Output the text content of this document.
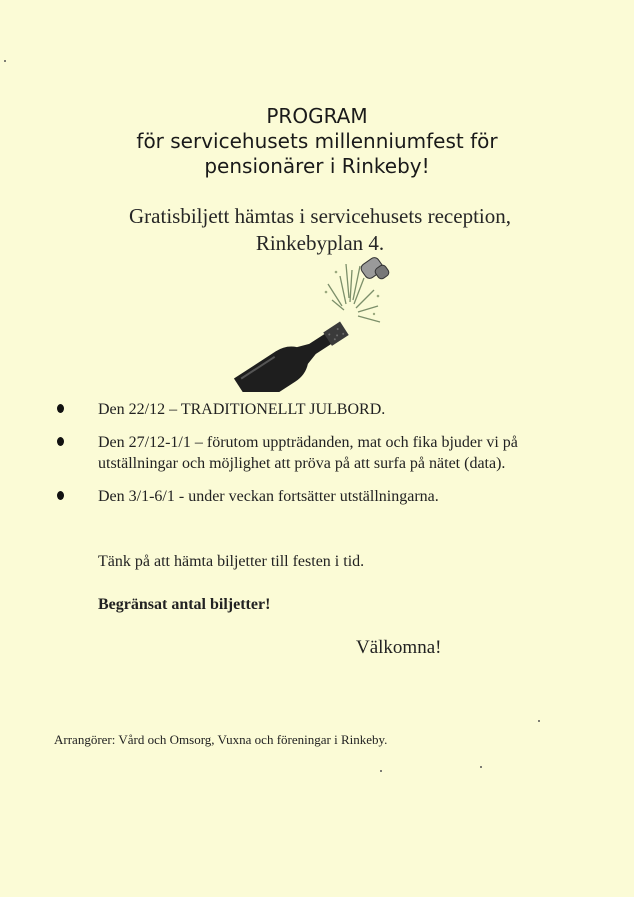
PROGRAM
för servicehusets millenniumfest för
pensionärer i Rinkeby!
Gratisbiljett hämtas i servicehusets reception,
Rinkebyplan 4.
Den 22/12 – TRADITIONELLT JULBORD.
Den 27/12-1/1 – förutom uppträdanden, mat och fika bjuder vi på utställningar och möjlighet att pröva på att surfa på nätet (data).
Den 3/1-6/1 - under veckan fortsätter utställningarna.
Tänk på att hämta biljetter till festen i tid.
Begränsat antal biljetter!
Välkomna!
Arrangörer: Vård och Omsorg, Vuxna och föreningar i Rinkeby.
